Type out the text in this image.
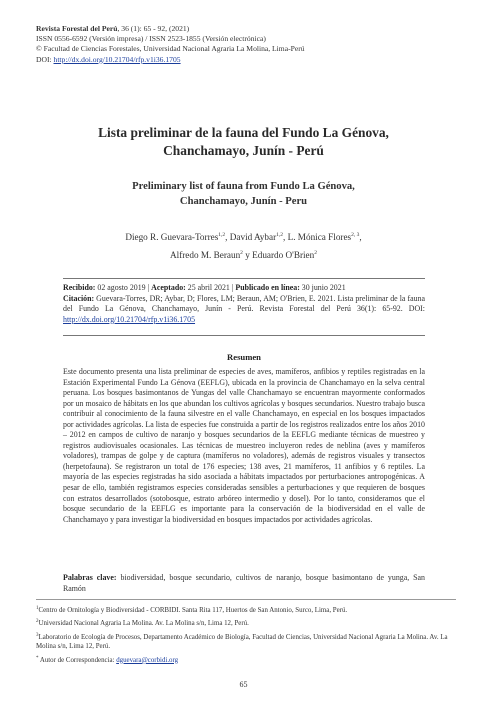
Revista Forestal del Perú, 36 (1): 65 - 92, (2021)
ISSN 0556-6592 (Versión impresa) / ISSN 2523-1855 (Versión electrónica)
© Facultad de Ciencias Forestales, Universidad Nacional Agraria La Molina, Lima-Perú
DOI: http://dx.doi.org/10.21704/rfp.v1i36.1705
Lista preliminar de la fauna del Fundo La Génova,
Chanchamayo, Junín - Perú
Preliminary list of fauna from Fundo La Génova,
Chanchamayo, Junín - Peru
Diego R. Guevara-Torres$^{1,2}$, David Aybar$^{1,2}$, L. Mónica Flores$^{2, 3}$,
Alfredo M. Beraun$^2$ y Eduardo O'Brien$^2$
Recibido: 02 agosto 2019 | Aceptado: 25 abril 2021 | Publicado en línea: 30 junio 2021
Citación: Guevara-Torres, DR; Aybar, D; Flores, LM; Beraun, AM; O'Brien, E. 2021. Lista preliminar de la fauna del Fundo La Génova, Chanchamayo, Junín - Perú. Revista Forestal del Perú 36(1): 65-92. DOI: http://dx.doi.org/10.21704/rfp.v1i36.1705
Resumen
Este documento presenta una lista preliminar de especies de aves, mamíferos, anfibios y reptiles registradas en la Estación Experimental Fundo La Génova (EEFLG), ubicada en la provincia de Chanchamayo en la selva central peruana. Los bosques basimontanos de Yungas del valle Chanchamayo se encuentran mayormente conformados por un mosaico de hábitats en los que abundan los cultivos agrícolas y bosques secundarios. Nuestro trabajo busca contribuir al conocimiento de la fauna silvestre en el valle Chanchamayo, en especial en los bosques impactados por actividades agrícolas. La lista de especies fue construida a partir de los registros realizados entre los años 2010 – 2012 en campos de cultivo de naranjo y bosques secundarios de la EEFLG mediante técnicas de muestreo y registros audiovisuales ocasionales. Las técnicas de muestreo incluyeron redes de neblina (aves y mamíferos voladores), trampas de golpe y de captura (mamíferos no voladores), además de registros visuales y transectos (herpetofauna). Se registraron un total de 176 especies; 138 aves, 21 mamíferos, 11 anfibios y 6 reptiles. La mayoría de las especies registradas ha sido asociada a hábitats impactados por perturbaciones antropogénicas. A pesar de ello, también registramos especies consideradas sensibles a perturbaciones y que requieren de bosques con estratos desarrollados (sotobosque, estrato arbóreo intermedio y dosel). Por lo tanto, consideramos que el bosque secundario de la EEFLG es importante para la conservación de la biodiversidad en el valle de Chanchamayo y para investigar la biodiversidad en bosques impactados por actividades agrícolas.
Palabras clave: biodiversidad, bosque secundario, cultivos de naranjo, bosque basimontano de yunga, San Ramón
$^1$Centro de Ornitología y Biodiversidad - CORBIDI. Santa Rita 117, Huertos de San Antonio, Surco, Lima, Perú.
$^2$Universidad Nacional Agraria La Molina. Av. La Molina s/n, Lima 12, Perú.
$^3$Laboratorio de Ecología de Procesos, Departamento Académico de Biología, Facultad de Ciencias, Universidad Nacional Agraria La Molina. Av. La Molina s/n, Lima 12, Perú.
* Autor de Correspondencia: dguevara@corbidi.org
65
